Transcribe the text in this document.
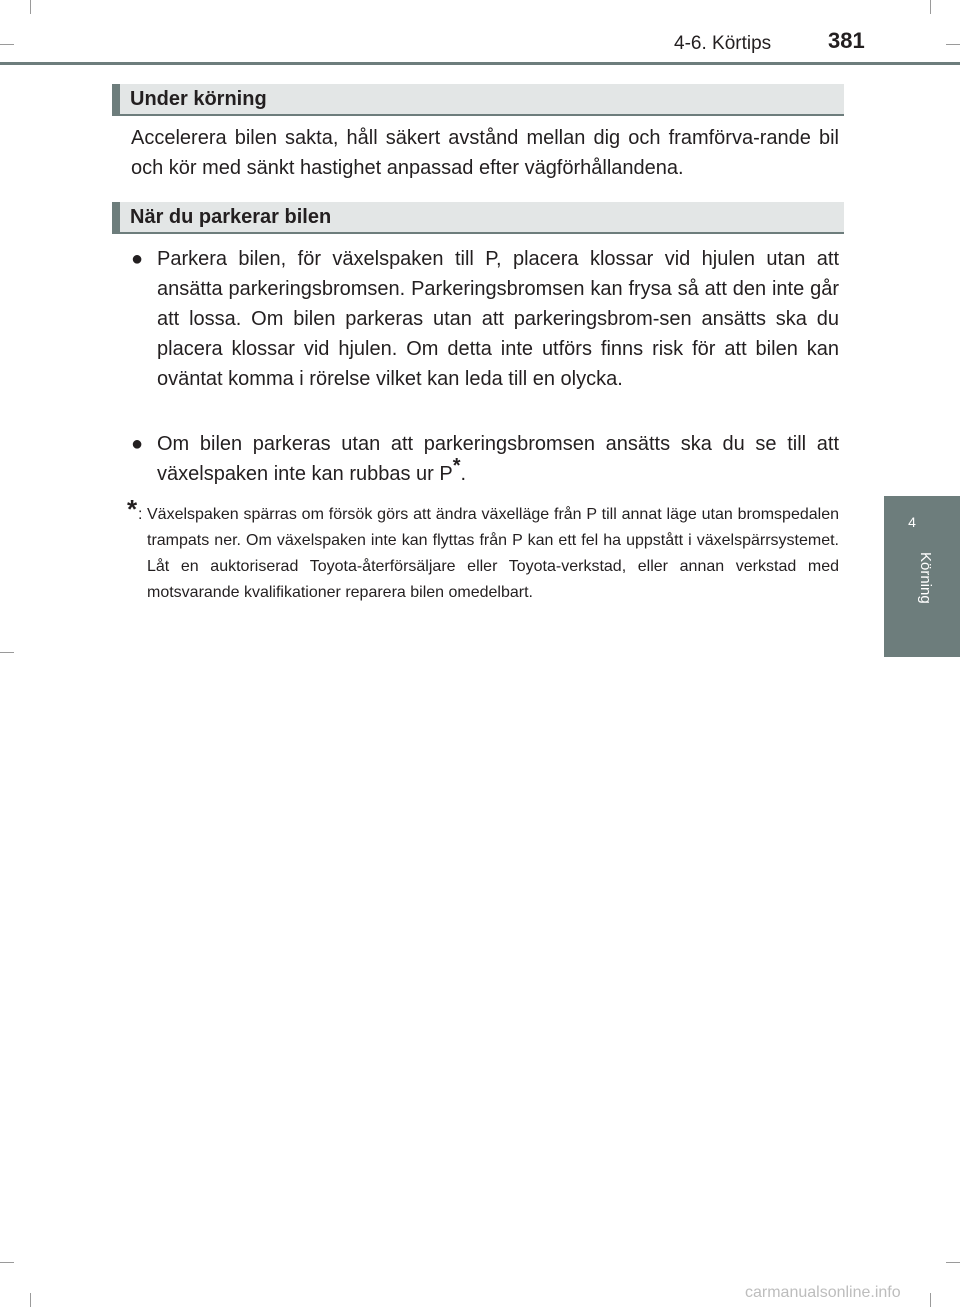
4-6. Körtips	381
4
Körning
Under körning

Accelerera bilen sakta, håll säkert avstånd mellan dig och framförva-rande bil och kör med sänkt hastighet anpassad efter vägförhållandena.

När du parkerar bilen
● Parkera bilen, för växelspaken till P, placera klossar vid hjulen utan att ansätta parkeringsbromsen. Parkeringsbromsen kan frysa så att den inte går att lossa. Om bilen parkeras utan att parkeringsbrom-sen ansätts ska du placera klossar vid hjulen. Om detta inte utförs finns risk för att bilen kan oväntat komma i rörelse vilket kan leda till en olycka.
● Om bilen parkeras utan att parkeringsbromsen ansätts ska du se till att växelspaken inte kan rubbas ur P*.
* : Växelspaken spärras om försök görs att ändra växelläge från P till annat läge utan bromspedalen trampats ner. Om växelspaken inte kan flyttas från P kan ett fel ha uppstått i växelspärrsystemet. Låt en auktoriserad Toyota-återförsäljare eller Toyota-verkstad, eller annan verkstad med motsvarande kvalifikationer reparera bilen omedelbart.
carmanualsonline.info
